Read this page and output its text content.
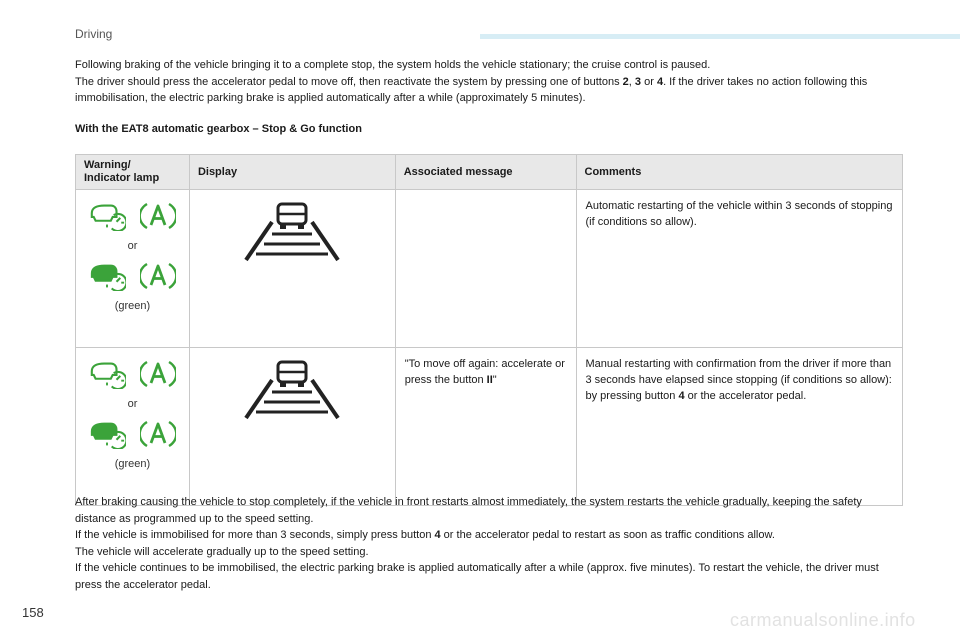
Driving

Following braking of the vehicle bringing it to a complete stop, the system holds the vehicle stationary; the cruise control is paused.
The driver should press the accelerator pedal to move off, then reactivate the system by pressing one of buttons 2, 3 or 4. If the driver takes no action following this immobilisation, the electric parking brake is applied automatically after a while (approximately 5 minutes).

With the EAT8 automatic gearbox – Stop & Go function

Warning/
Indicator lamp	Display	Associated message	Comments

or
(green)			Automatic restarting of the vehicle within 3 seconds of stopping (if conditions so allow).

or
(green)		"To move off again: accelerate or press the button II"	Manual restarting with confirmation from the driver if more than 3 seconds have elapsed since stopping (if conditions so allow): by pressing button 4 or the accelerator pedal.

After braking causing the vehicle to stop completely, if the vehicle in front restarts almost immediately, the system restarts the vehicle gradually, keeping the safety distance as programmed up to the speed setting.
If the vehicle is immobilised for more than 3 seconds, simply press button 4 or the accelerator pedal to restart as soon as traffic conditions allow.
The vehicle will accelerate gradually up to the speed setting.
If the vehicle continues to be immobilised, the electric parking brake is applied automatically after a while (approx. five minutes). To restart the vehicle, the driver must press the accelerator pedal.

158	carmanualsonline.info
